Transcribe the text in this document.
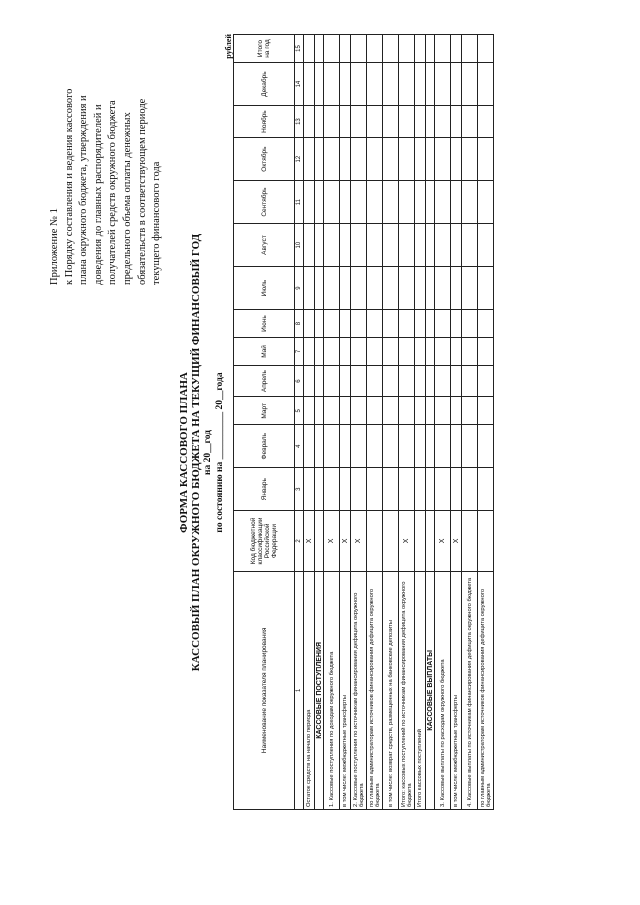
Приложение № 1 к Порядку составления и ведения кассового плана окружного бюджета, утверждения и доведения до главных распорядителей и получателей средств окружного бюджета предельного объема оплаты денежных обязательств в соответствующем периоде текущего финансового года
ФОРМА КАССОВОГО ПЛАНА КАССОВЫЙ ПЛАН ОКРУЖНОГО БЮДЖЕТА НА ТЕКУЩИЙ ФИНАНСОВЫЙ ГОД на 20__год по состоянию на __________ 20__года
рублей
Наименование показателя планирования	Код бюджетной классификации Российской Федерации	Январь	Февраль	Март	Апрель	Май	Июнь	Июль	Август	Сентябрь	Октябрь	Ноябрь	Декабрь	Итого на год
1	2	3	4	5	6	7	8	9	10	11	12	13	14	15
Остаток средств на начало периода	X													
КАССОВЫЕ ПОСТУПЛЕНИЯ														
1. Кассовые поступления по доходам окружного бюджета	X													
в том числе: межбюджетные трансферты	X													
2. Кассовые поступления по источникам финансирования дефицита окружного бюджета	X													
по главным администраторам источников финансирования дефицита окружного бюджета														
в том числе: возврат средств, размещенных на банковские депозиты														
Итого: кассовых поступлений по источникам финансирования дефицита окружного бюджета	X													
Итого кассовых поступлений														
КАССОВЫЕ ВЫПЛАТЫ														
3. Кассовые выплаты по расходам окружного бюджета	X													
в том числе: межбюджетные трансферты	X													
4. Кассовые выплаты по источникам финансирования дефицита окружного бюджета														
по главным администраторам источников финансирования дефицита окружного бюджета														
